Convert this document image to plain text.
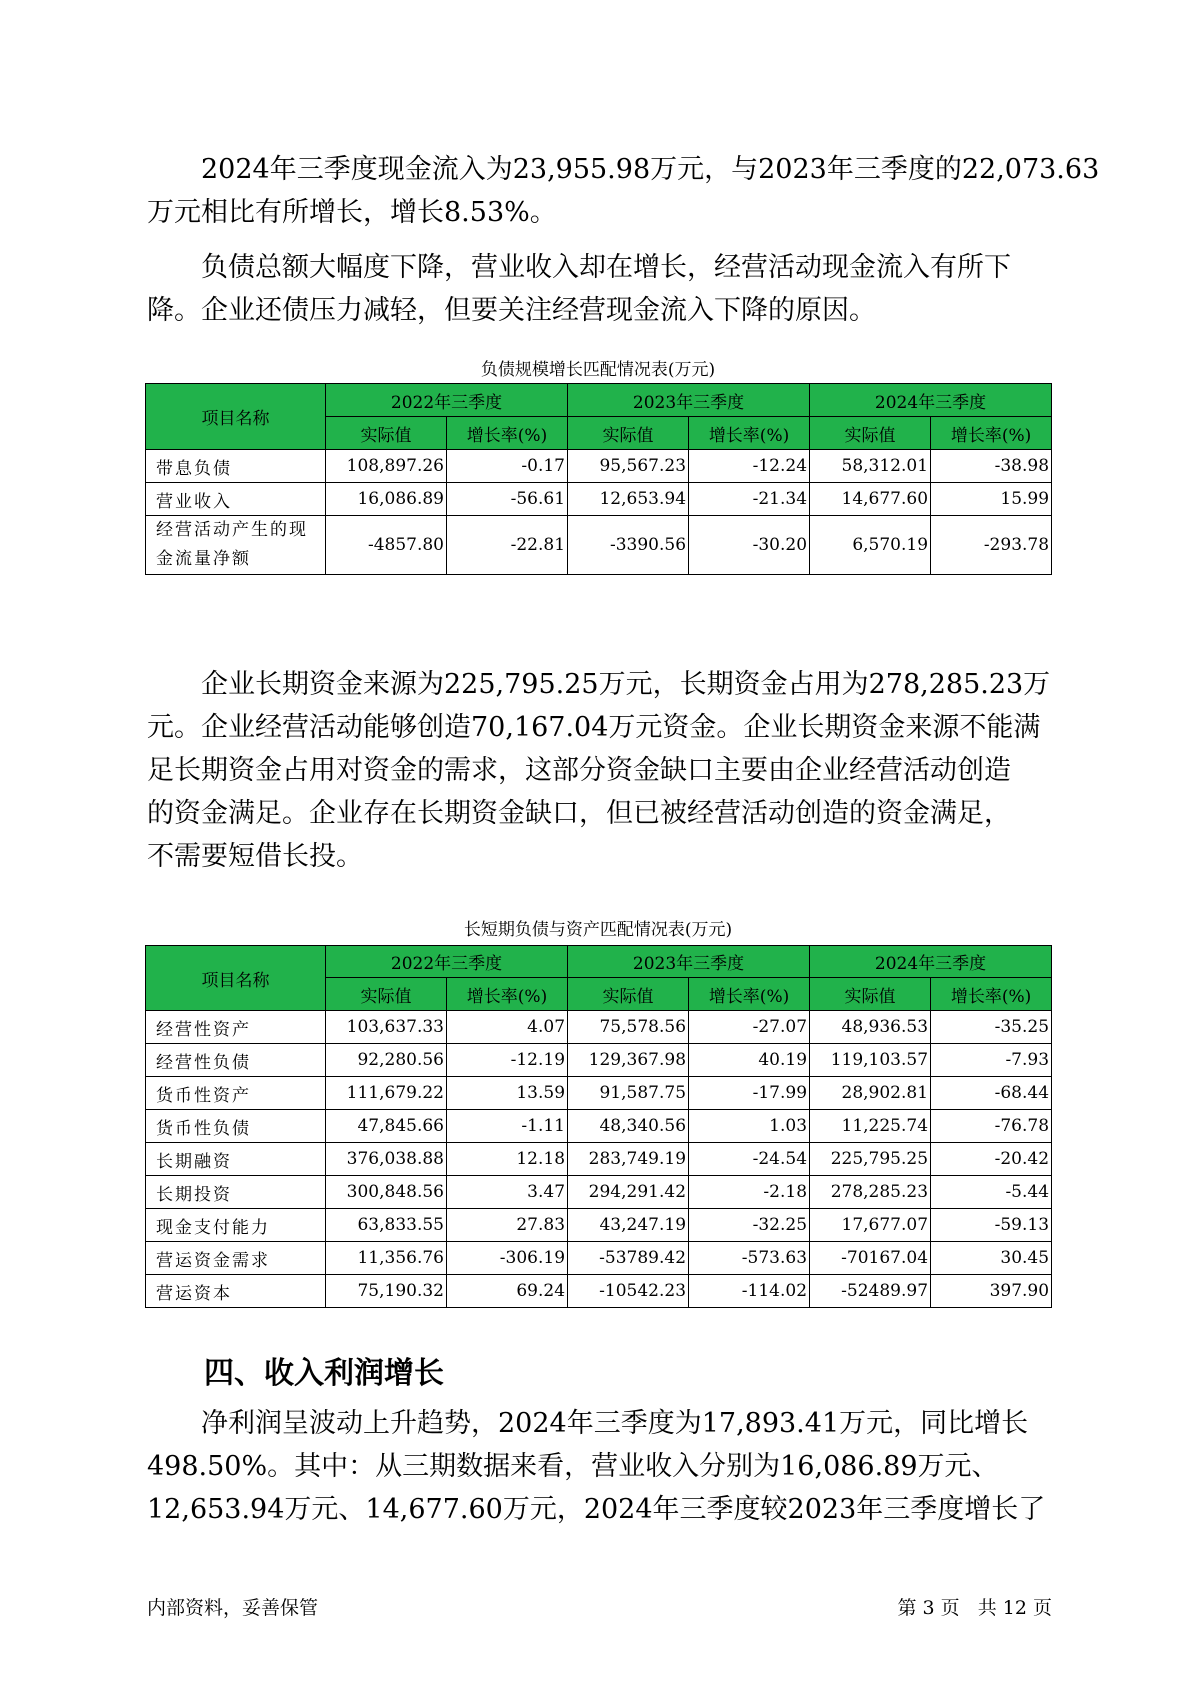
2024年三季度现金流入为23,955.98万元，与2023年三季度的22,073.63
万元相比有所增长，增长8.53%。

负债总额大幅度下降，营业收入却在增长，经营活动现金流入有所下
降。企业还债压力减轻，但要关注经营现金流入下降的原因。

负债规模增长匹配情况表(万元)
项目名称	2022年三季度		2023年三季度		2024年三季度	
	实际值	增长率(%)	实际值	增长率(%)	实际值	增长率(%)
带息负债	108,897.26	-0.17	95,567.23	-12.24	58,312.01	-38.98
营业收入	16,086.89	-56.61	12,653.94	-21.34	14,677.60	15.99

经营活动产生的现
金流量净额	-4857.80	-22.81	-3390.56	-30.20	6,570.19	-293.78

企业长期资金来源为225,795.25万元，长期资金占用为278,285.23万
元。企业经营活动能够创造70,167.04万元资金。企业长期资金来源不能满
足长期资金占用对资金的需求，这部分资金缺口主要由企业经营活动创造
的资金满足。企业存在长期资金缺口，但已被经营活动创造的资金满足，
不需要短借长投。

长短期负债与资产匹配情况表(万元)
项目名称	2022年三季度		2023年三季度		2024年三季度	
	实际值	增长率(%)	实际值	增长率(%)	实际值	增长率(%)
经营性资产	103,637.33	4.07	75,578.56	-27.07	48,936.53	-35.25
经营性负债	92,280.56	-12.19	129,367.98	40.19	119,103.57	-7.93
货币性资产	111,679.22	13.59	91,587.75	-17.99	28,902.81	-68.44
货币性负债	47,845.66	-1.11	48,340.56	1.03	11,225.74	-76.78
长期融资	376,038.88	12.18	283,749.19	-24.54	225,795.25	-20.42
长期投资	300,848.56	3.47	294,291.42	-2.18	278,285.23	-5.44
现金支付能力	63,833.55	27.83	43,247.19	-32.25	17,677.07	-59.13
营运资金需求	11,356.76	-306.19	-53789.42	-573.63	-70167.04	30.45
营运资本	75,190.32	69.24	-10542.23	-114.02	-52489.97	397.90
四、收入利润增长

净利润呈波动上升趋势，2024年三季度为17,893.41万元，同比增长
498.50%。其中：从三期数据来看，营业收入分别为16,086.89万元、
12,653.94万元、14,677.60万元，2024年三季度较2023年三季度增长了

内部资料，妥善保管	第 3 页   共 12 页
